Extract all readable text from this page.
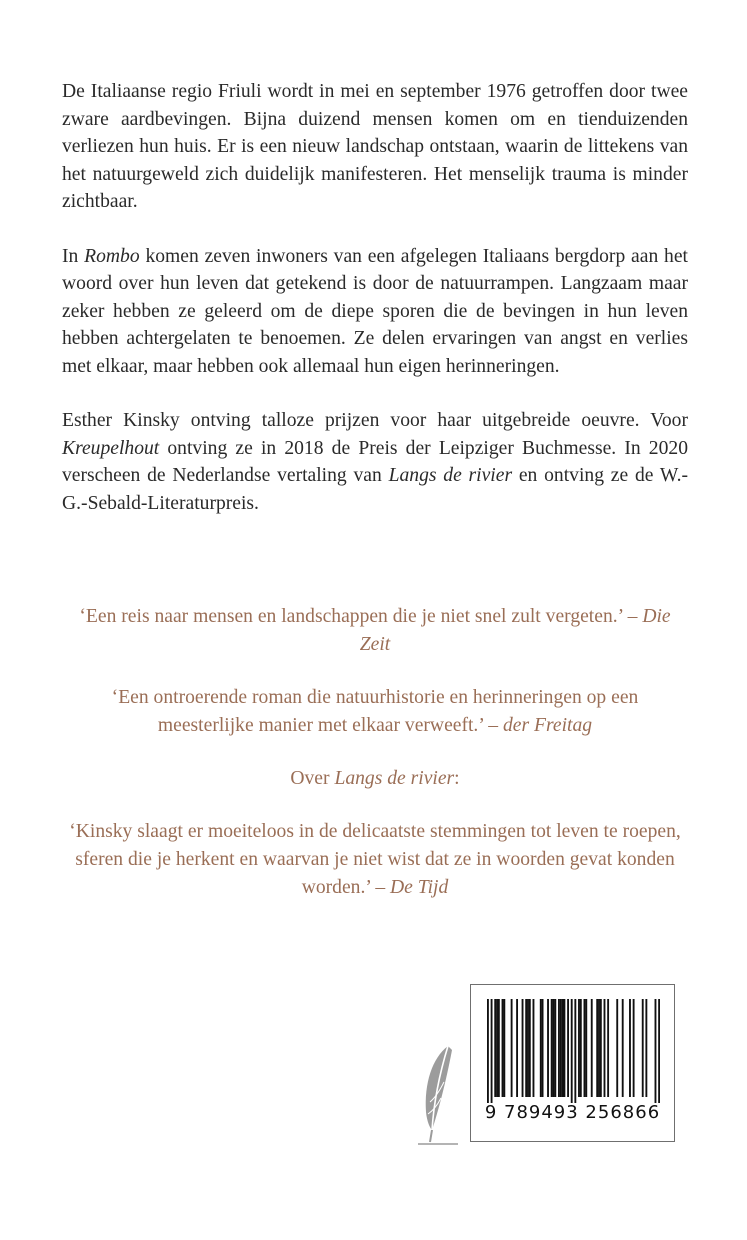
De Italiaanse regio Friuli wordt in mei en september 1976 getroffen door twee zware aardbevingen. Bijna duizend mensen komen om en tienduizenden verliezen hun huis. Er is een nieuw landschap ontstaan, waarin de littekens van het natuurgeweld zich duidelijk manifesteren. Het menselijk trauma is minder zichtbaar.

In Rombo komen zeven inwoners van een afgelegen Italiaans bergdorp aan het woord over hun leven dat getekend is door de natuurrampen. Langzaam maar zeker hebben ze geleerd om de diepe sporen die de bevingen in hun leven hebben achtergelaten te benoemen. Ze delen ervaringen van angst en verlies met elkaar, maar hebben ook allemaal hun eigen herinneringen.

Esther Kinsky ontving talloze prijzen voor haar uitgebreide oeuvre. Voor Kreupelhout ontving ze in 2018 de Preis der Leipziger Buchmesse. In 2020 verscheen de Nederlandse vertaling van Langs de rivier en ontving ze de W.-G.-Sebald-Literaturpreis.

‘Een reis naar mensen en landschappen die je niet snel zult vergeten.’ – Die Zeit

‘Een ontroerende roman die natuurhistorie en herinneringen op een meesterlijke manier met elkaar verweeft.’ – der Freitag

Over Langs de rivier:

‘Kinsky slaagt er moeiteloos in de delicaatste stemmingen tot leven te roepen, sferen die je herkent en waarvan je niet wist dat ze in woorden gevat konden worden.’ – De Tijd

9 789493 256866
